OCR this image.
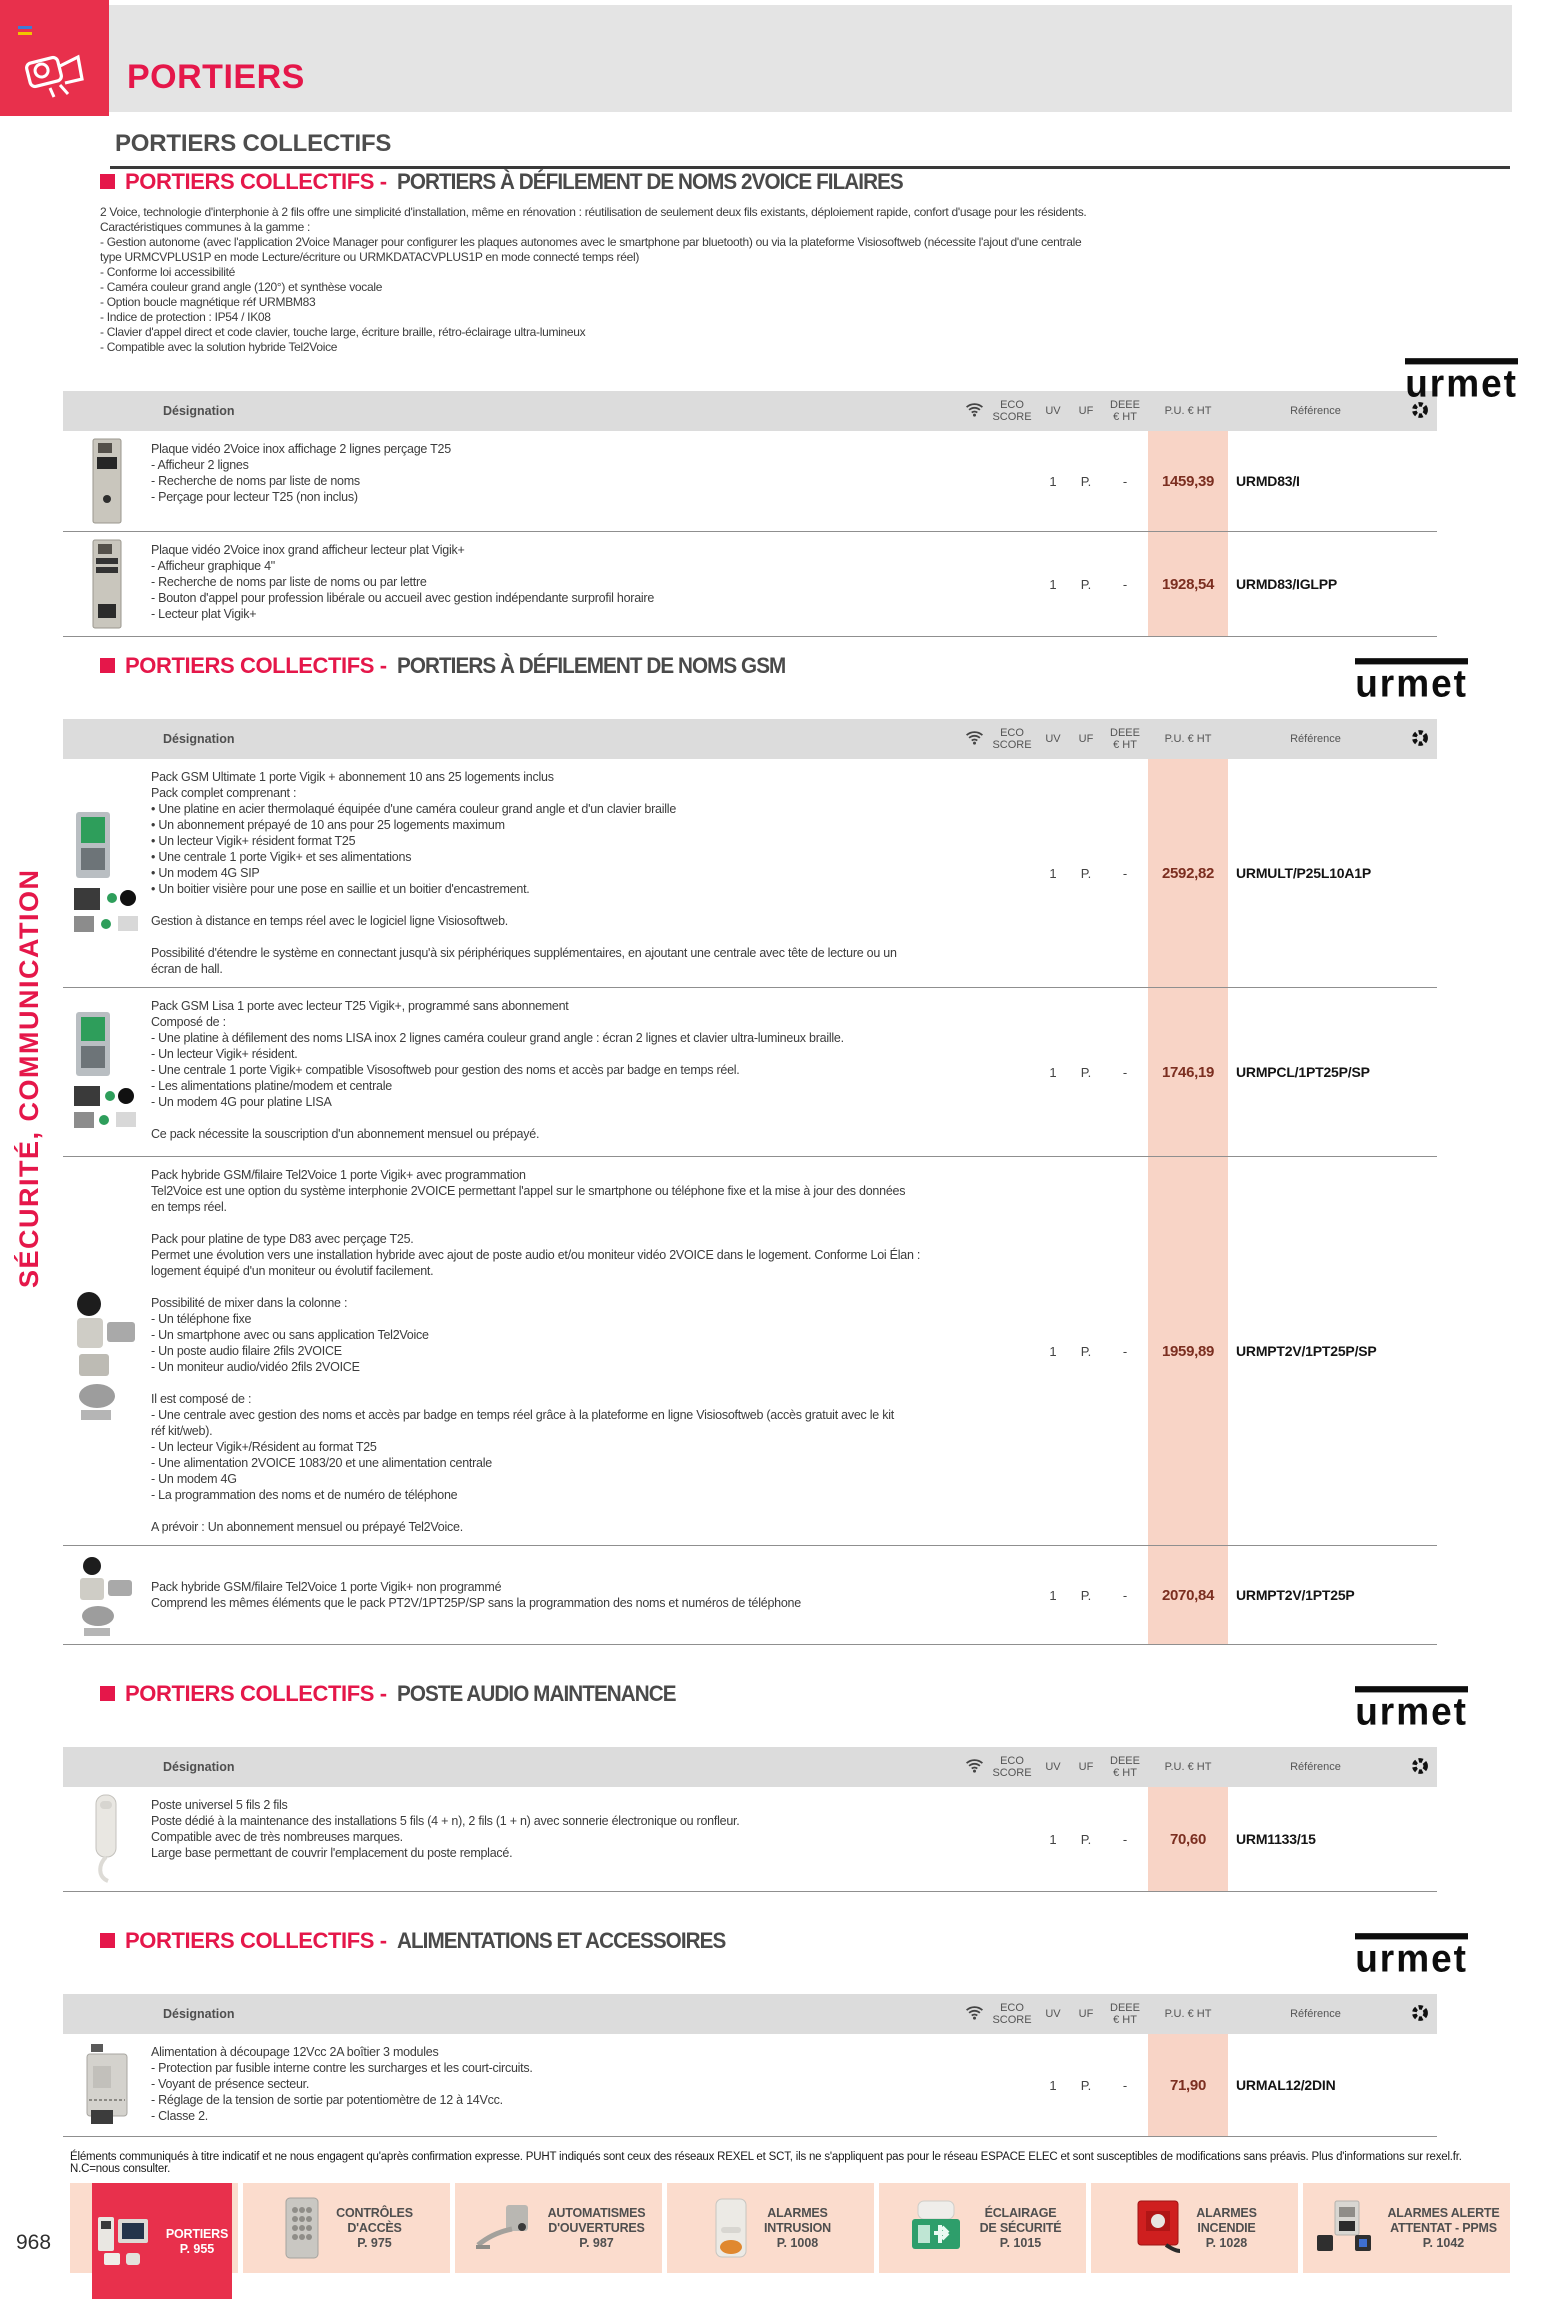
SÉCURITÉ, COMMUNICATION
PORTIERS
PORTIERS COLLECTIFS
PORTIERS COLLECTIFS - PORTIERS À DÉFILEMENT DE NOMS 2VOICE FILAIRES

2 Voice, technologie d'interphonie à 2 fils offre une simplicité d'installation, même en rénovation : réutilisation de seulement deux fils existants, déploiement rapide, confort d'usage pour les résidents.
Caractéristiques communes à la gamme :
- Gestion autonome (avec l'application 2Voice Manager pour configurer les plaques autonomes avec le smartphone par bluetooth) ou via la plateforme Visiosoftweb (nécessite l'ajout d'une centrale
type URMCVPLUS1P en mode Lecture/écriture ou URMKDATACVPLUS1P en mode connecté temps réel)
- Conforme loi accessibilité
- Caméra couleur grand angle (120°) et synthèse vocale
- Option boucle magnétique réf URMBM83
- Indice de protection : IP54 / IK08
- Clavier d'appel direct et code clavier, touche large, écriture braille, rétro-éclairage ultra-lumineux
- Compatible avec la solution hybride Tel2Voice

urmet
Désignation	ECO
SCORE	UV	UF	DEEE
€ HT	P.U. € HT	Référence
Plaque vidéo 2Voice inox affichage 2 lignes perçage T25
- Afficheur 2 lignes
- Recherche de noms par liste de noms
- Perçage pour lecteur T25 (non inclus)
1	P.	-	1459,39	URMD83/I
Plaque vidéo 2Voice inox grand afficheur lecteur plat Vigik+
- Afficheur graphique 4"
- Recherche de noms par liste de noms ou par lettre
- Bouton d'appel pour profession libérale ou accueil avec gestion indépendante surprofil horaire
- Lecteur plat Vigik+
1	P.	-	1928,54	URMD83/IGLPP
PORTIERS COLLECTIFS - PORTIERS À DÉFILEMENT DE NOMS GSM	urmet
Désignation	ECO
SCORE	UV	UF	DEEE
€ HT	P.U. € HT	Référence
Pack GSM Ultimate 1 porte Vigik + abonnement 10 ans 25 logements inclus
Pack complet comprenant :
• Une platine en acier thermolaqué équipée d'une caméra couleur grand angle et d'un clavier braille
• Un abonnement prépayé de 10 ans pour 25 logements maximum
• Un lecteur Vigik+ résident format T25
• Une centrale 1 porte Vigik+ et ses alimentations
• Un modem 4G SIP
• Un boitier visière pour une pose en saillie et un boitier d'encastrement.

Gestion à distance en temps réel avec le logiciel ligne Visiosoftweb.

Possibilité d'étendre le système en connectant jusqu'à six périphériques supplémentaires, en ajoutant une centrale avec tête de lecture ou un
écran de hall.
1	P.	-	2592,82	URMULT/P25L10A1P
Pack GSM Lisa 1 porte avec lecteur T25 Vigik+, programmé sans abonnement
Composé de :
- Une platine à défilement des noms LISA inox 2 lignes caméra couleur grand angle : écran 2 lignes et clavier ultra-lumineux braille.
- Un lecteur Vigik+ résident.
- Une centrale 1 porte Vigik+ compatible Visosoftweb pour gestion des noms et accès par badge en temps réel.
- Les alimentations platine/modem et centrale
- Un modem 4G pour platine LISA

Ce pack nécessite la souscription d'un abonnement mensuel ou prépayé.
1	P.	-	1746,19	URMPCL/1PT25P/SP
Pack hybride GSM/filaire Tel2Voice 1 porte Vigik+ avec programmation
Tel2Voice est une option du système interphonie 2VOICE permettant l'appel sur le smartphone ou téléphone fixe et la mise à jour des données
en temps réel.

Pack pour platine de type D83 avec perçage T25.
Permet une évolution vers une installation hybride avec ajout de poste audio et/ou moniteur vidéo 2VOICE dans le logement. Conforme Loi Élan :
logement équipé d'un moniteur ou évolutif facilement.

Possibilité de mixer dans la colonne :
- Un téléphone fixe
- Un smartphone avec ou sans application Tel2Voice
- Un poste audio filaire 2fils 2VOICE
- Un moniteur audio/vidéo 2fils 2VOICE

Il est composé de :
- Une centrale avec gestion des noms et accès par badge en temps réel grâce à la plateforme en ligne Visiosoftweb (accès gratuit avec le kit
réf kit/web).
- Un lecteur Vigik+/Résident au format T25
- Une alimentation 2VOICE 1083/20 et une alimentation centrale
- Un modem 4G
- La programmation des noms et de numéro de téléphone

A prévoir : Un abonnement mensuel ou prépayé Tel2Voice.
1	P.	-	1959,89	URMPT2V/1PT25P/SP
Pack hybride GSM/filaire Tel2Voice 1 porte Vigik+ non programmé
Comprend les mêmes éléments que le pack PT2V/1PT25P/SP sans la programmation des noms et numéros de téléphone
1	P.	-	2070,84	URMPT2V/1PT25P
PORTIERS COLLECTIFS - POSTE AUDIO MAINTENANCE	urmet
Désignation	ECO
SCORE	UV	UF	DEEE
€ HT	P.U. € HT	Référence
Poste universel 5 fils 2 fils
Poste dédié à la maintenance des installations 5 fils (4 + n), 2 fils (1 + n) avec sonnerie électronique ou ronfleur.
Compatible avec de très nombreuses marques.
Large base permettant de couvrir l'emplacement du poste remplacé.
1	P.	-	70,60	URM1133/15
PORTIERS COLLECTIFS - ALIMENTATIONS ET ACCESSOIRES	urmet
Désignation	ECO
SCORE	UV	UF	DEEE
€ HT	P.U. € HT	Référence
Alimentation à découpage 12Vcc 2A boîtier 3 modules
- Protection par fusible interne contre les surcharges et les court-circuits.
- Voyant de présence secteur.
- Réglage de la tension de sortie par potentiomètre de 12 à 14Vcc.
- Classe 2.
1	P.	-	71,90	URMAL12/2DIN

Éléments communiqués à titre indicatif et ne nous engagent qu'après confirmation expresse. PUHT indiqués sont ceux des réseaux REXEL et SCT, ils ne s'appliquent pas pour le réseau ESPACE ELEC et sont susceptibles de modifications sans préavis. Plus d'informations sur rexel.fr. N.C=nous consulter.

968	PORTIERS
P. 955
CONTRÔLES
D'ACCÈS
P. 975
AUTOMATISMES
D'OUVERTURES
P. 987
ALARMES
INTRUSION
P. 1008
ÉCLAIRAGE
DE SÉCURITÉ
P. 1015
ALARMES
INCENDIE
P. 1028
ALARMES ALERTE
ATTENTAT - PPMS
P. 1042
